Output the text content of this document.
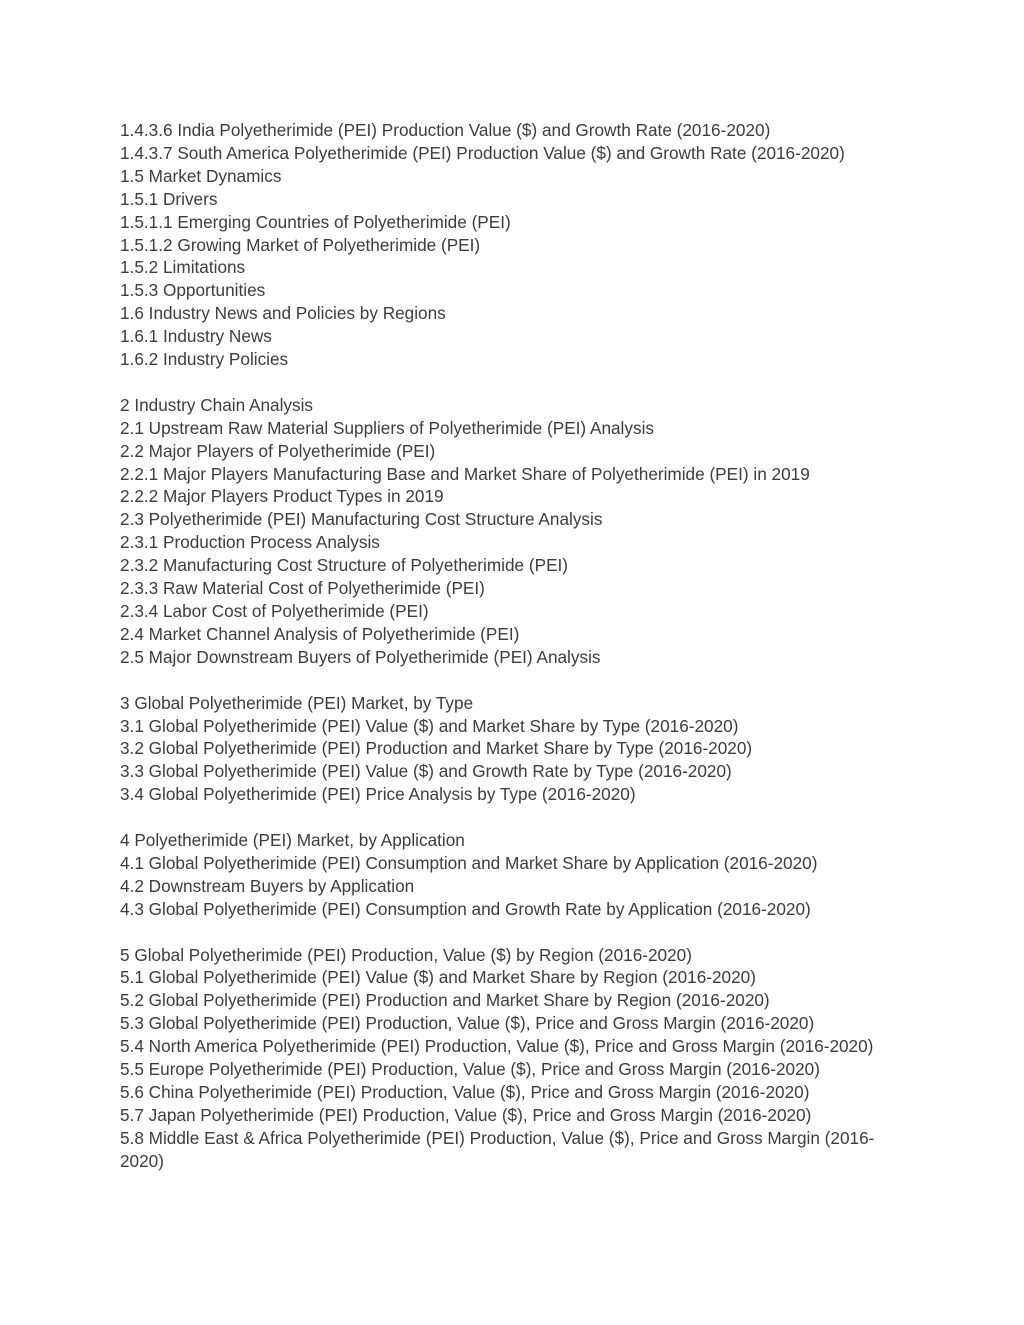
1.4.3.6 India Polyetherimide (PEI) Production Value ($) and Growth Rate (2016-2020)
1.4.3.7 South America Polyetherimide (PEI) Production Value ($) and Growth Rate (2016-2020)
1.5 Market Dynamics
1.5.1 Drivers
1.5.1.1 Emerging Countries of Polyetherimide (PEI)
1.5.1.2 Growing Market of Polyetherimide (PEI)
1.5.2 Limitations
1.5.3 Opportunities
1.6 Industry News and Policies by Regions
1.6.1 Industry News
1.6.2 Industry Policies
2 Industry Chain Analysis
2.1 Upstream Raw Material Suppliers of Polyetherimide (PEI) Analysis
2.2 Major Players of Polyetherimide (PEI)
2.2.1 Major Players Manufacturing Base and Market Share of Polyetherimide (PEI) in 2019
2.2.2 Major Players Product Types in 2019
2.3 Polyetherimide (PEI) Manufacturing Cost Structure Analysis
2.3.1 Production Process Analysis
2.3.2 Manufacturing Cost Structure of Polyetherimide (PEI)
2.3.3 Raw Material Cost of Polyetherimide (PEI)
2.3.4 Labor Cost of Polyetherimide (PEI)
2.4 Market Channel Analysis of Polyetherimide (PEI)
2.5 Major Downstream Buyers of Polyetherimide (PEI) Analysis
3 Global Polyetherimide (PEI) Market, by Type
3.1 Global Polyetherimide (PEI) Value ($) and Market Share by Type (2016-2020)
3.2 Global Polyetherimide (PEI) Production and Market Share by Type (2016-2020)
3.3 Global Polyetherimide (PEI) Value ($) and Growth Rate by Type (2016-2020)
3.4 Global Polyetherimide (PEI) Price Analysis by Type (2016-2020)
4 Polyetherimide (PEI) Market, by Application
4.1 Global Polyetherimide (PEI) Consumption and Market Share by Application (2016-2020)
4.2 Downstream Buyers by Application
4.3 Global Polyetherimide (PEI) Consumption and Growth Rate by Application (2016-2020)
5 Global Polyetherimide (PEI) Production, Value ($) by Region (2016-2020)
5.1 Global Polyetherimide (PEI) Value ($) and Market Share by Region (2016-2020)
5.2 Global Polyetherimide (PEI) Production and Market Share by Region (2016-2020)
5.3 Global Polyetherimide (PEI) Production, Value ($), Price and Gross Margin (2016-2020)
5.4 North America Polyetherimide (PEI) Production, Value ($), Price and Gross Margin (2016-2020)
5.5 Europe Polyetherimide (PEI) Production, Value ($), Price and Gross Margin (2016-2020)
5.6 China Polyetherimide (PEI) Production, Value ($), Price and Gross Margin (2016-2020)
5.7 Japan Polyetherimide (PEI) Production, Value ($), Price and Gross Margin (2016-2020)
5.8 Middle East & Africa Polyetherimide (PEI) Production, Value ($), Price and Gross Margin (2016-2020)
